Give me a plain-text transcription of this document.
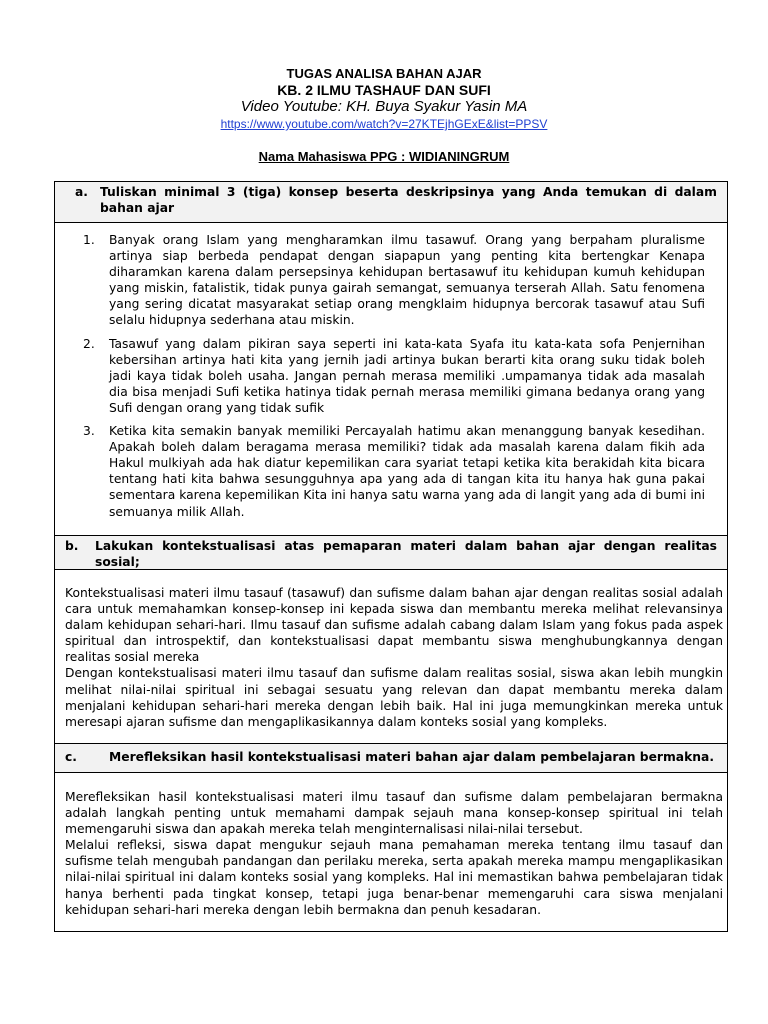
TUGAS ANALISA BAHAN AJAR
KB. 2 ILMU TASHAUF DAN SUFI
Video Youtube: KH. Buya Syakur Yasin MA
https://www.youtube.com/watch?v=27KTEjhGExE&list=PPSV
Nama Mahasiswa PPG : WIDIANINGRUM
a. Tuliskan minimal 3 (tiga) konsep beserta deskripsinya yang Anda temukan di dalam bahan ajar
1.	Banyak orang Islam yang mengharamkan ilmu tasawuf. Orang yang berpaham pluralisme artinya siap berbeda pendapat dengan siapapun yang penting kita bertengkar Kenapa diharamkan karena dalam persepsinya kehidupan bertasawuf itu kehidupan kumuh kehidupan yang miskin, fatalistik, tidak punya gairah semangat, semuanya terserah Allah. Satu fenomena yang sering dicatat masyarakat setiap orang mengklaim hidupnya bercorak tasawuf atau Sufi selalu hidupnya sederhana atau miskin.
2.	Tasawuf yang dalam pikiran saya seperti ini kata-kata Syafa itu kata-kata sofa Penjernihan kebersihan artinya hati kita yang jernih jadi artinya bukan berarti kita orang suku tidak boleh jadi kaya tidak boleh usaha. Jangan pernah merasa memiliki .umpamanya tidak ada masalah dia bisa menjadi Sufi ketika hatinya tidak pernah merasa memiliki gimana bedanya orang yang Sufi dengan orang yang tidak sufik
3.	Ketika kita semakin banyak memiliki Percayalah hatimu akan menanggung banyak kesedihan. Apakah boleh dalam beragama merasa memiliki? tidak ada masalah karena dalam fikih ada Hakul mulkiyah ada hak diatur kepemilikan cara syariat tetapi ketika kita berakidah kita bicara tentang hati kita bahwa sesungguhnya apa yang ada di tangan kita itu hanya hak guna pakai sementara karena kepemilikan Kita ini hanya satu warna yang ada di langit yang ada di bumi ini semuanya milik Allah.
b.	Lakukan kontekstualisasi atas pemaparan materi dalam bahan ajar dengan realitas sosial;

Kontekstualisasi materi ilmu tasauf (tasawuf) dan sufisme dalam bahan ajar dengan realitas sosial adalah cara untuk memahamkan konsep-konsep ini kepada siswa dan membantu mereka melihat relevansinya dalam kehidupan sehari-hari. Ilmu tasauf dan sufisme adalah cabang dalam Islam yang fokus pada aspek spiritual dan introspektif, dan kontekstualisasi dapat membantu siswa menghubungkannya dengan realitas sosial mereka

Dengan kontekstualisasi materi ilmu tasauf dan sufisme dalam realitas sosial, siswa akan lebih mungkin melihat nilai-nilai spiritual ini sebagai sesuatu yang relevan dan dapat membantu mereka dalam menjalani kehidupan sehari-hari mereka dengan lebih baik. Hal ini juga memungkinkan mereka untuk meresapi ajaran sufisme dan mengaplikasikannya dalam konteks sosial yang kompleks.

c.	Merefleksikan hasil kontekstualisasi materi bahan ajar dalam pembelajaran bermakna.

Merefleksikan hasil kontekstualisasi materi ilmu tasauf dan sufisme dalam pembelajaran bermakna adalah langkah penting untuk memahami dampak sejauh mana konsep-konsep spiritual ini telah memengaruhi siswa dan apakah mereka telah menginternalisasi nilai-nilai tersebut.

Melalui refleksi, siswa dapat mengukur sejauh mana pemahaman mereka tentang ilmu tasauf dan sufisme telah mengubah pandangan dan perilaku mereka, serta apakah mereka mampu mengaplikasikan nilai-nilai spiritual ini dalam konteks sosial yang kompleks. Hal ini memastikan bahwa pembelajaran tidak hanya berhenti pada tingkat konsep, tetapi juga benar-benar memengaruhi cara siswa menjalani kehidupan sehari-hari mereka dengan lebih bermakna dan penuh kesadaran.
